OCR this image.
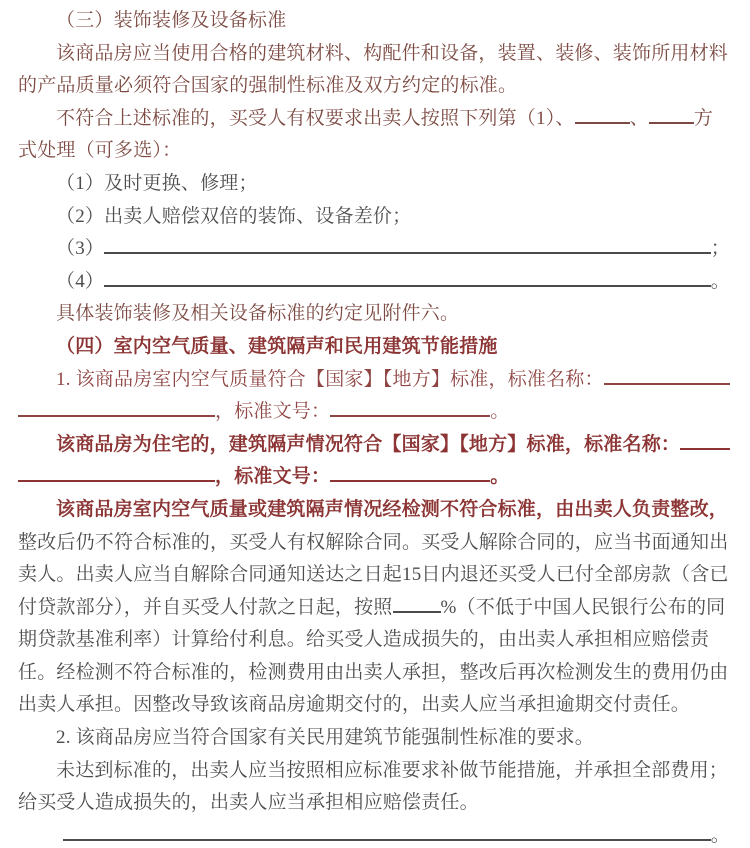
（三）装饰装修及设备标准
该商品房应当使用合格的建筑材料、构配件和设备，装置、装修、装饰所用材料
的产品质量必须符合国家的强制性标准及双方约定的标准。
不符合上述标准的，买受人有权要求出卖人按照下列第（1）、	、 方
式处理（可多选）：
（1）及时更换、修理；
（2）出卖人赔偿双倍的装饰、设备差价；
（3）	；
（4）	。
具体装饰装修及相关设备标准的约定见附件六。
（四）室内空气质量、建筑隔声和民用建筑节能措施
1. 该商品房室内空气质量符合【国家】【地方】标准，标准名称：
，标准文号：	。
该商品房为住宅的，建筑隔声情况符合【国家】【地方】标准，标准名称：
，标准文号：	。
该商品房室内空气质量或建筑隔声情况经检测不符合标准，由出卖人负责整改，
整改后仍不符合标准的，买受人有权解除合同。买受人解除合同的，应当书面通知出
卖人。出卖人应当自解除合同通知送达之日起15日内退还买受人已付全部房款（含已
付贷款部分），并自买受人付款之日起，按照	%（不低于中国人民银行公布的同
期贷款基准利率）计算给付利息。给买受人造成损失的，由出卖人承担相应赔偿责
任。经检测不符合标准的，检测费用由出卖人承担，整改后再次检测发生的费用仍由
出卖人承担。因整改导致该商品房逾期交付的，出卖人应当承担逾期交付责任。
2. 该商品房应当符合国家有关民用建筑节能强制性标准的要求。
未达到标准的，出卖人应当按照相应标准要求补做节能措施，并承担全部费用；
给买受人造成损失的，出卖人应当承担相应赔偿责任。
。
